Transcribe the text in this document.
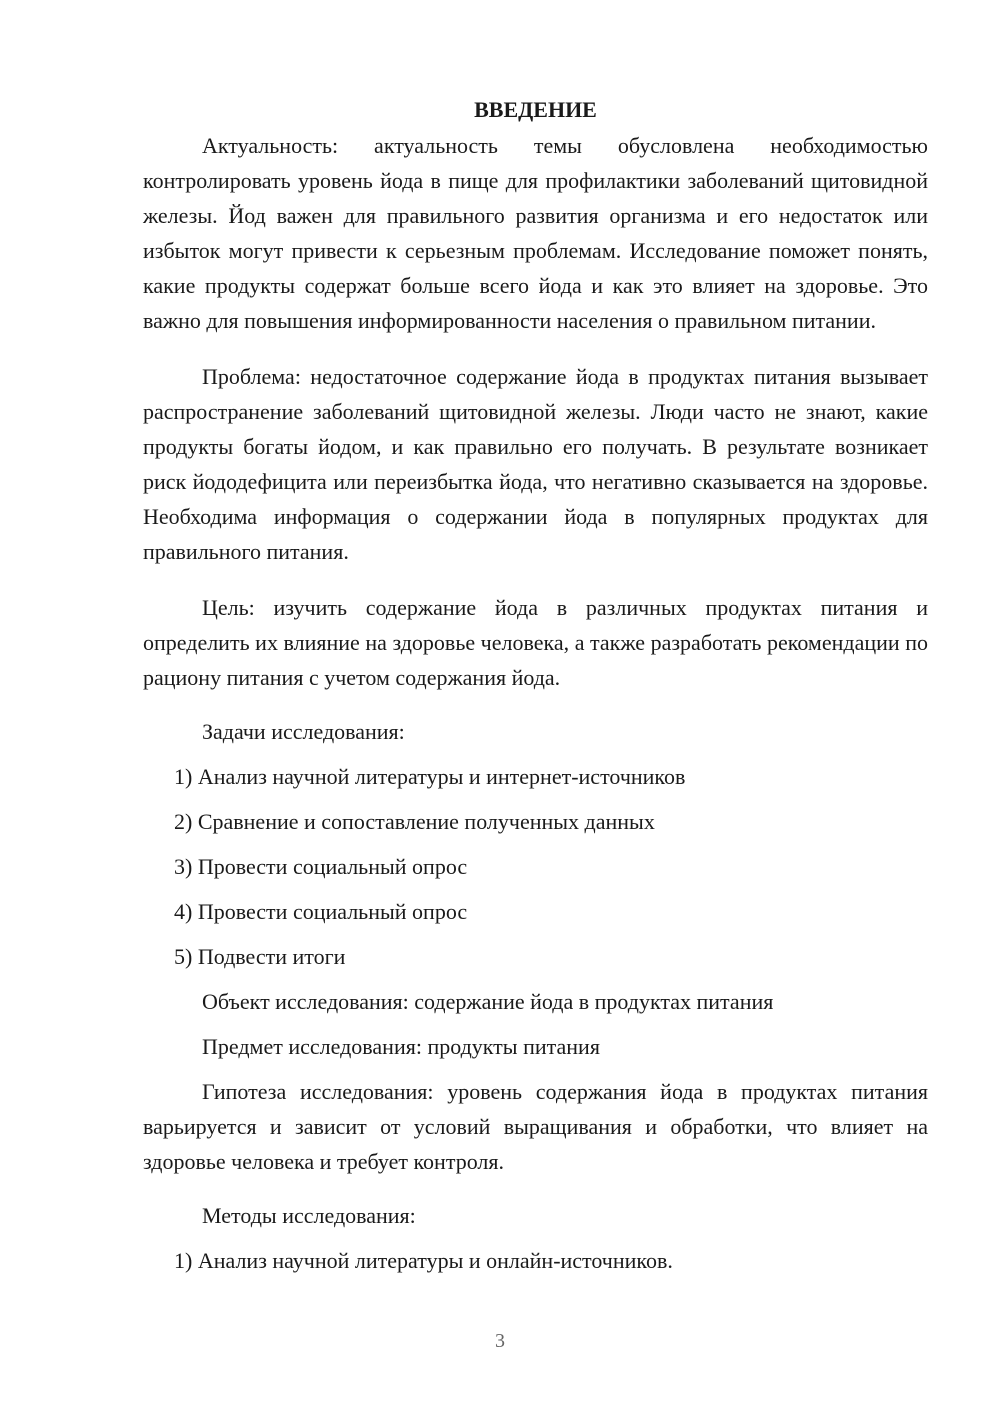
ВВЕДЕНИЕ

Актуальность: актуальность темы обусловлена необходимостью контролировать уровень йода в пище для профилактики заболеваний щитовидной железы. Йод важен для правильного развития организма и его недостаток или избыток могут привести к серьезным проблемам. Исследование поможет понять, какие продукты содержат больше всего йода и как это влияет на здоровье. Это важно для повышения информированности населения о правильном питании.

Проблема: недостаточное содержание йода в продуктах питания вызывает распространение заболеваний щитовидной железы. Люди часто не знают, какие продукты богаты йодом, и как правильно его получать. В результате возникает риск йододефицита или переизбытка йода, что негативно сказывается на здоровье. Необходима информация о содержании йода в популярных продуктах для правильного питания.

Цель: изучить содержание йода в различных продуктах питания и определить их влияние на здоровье человека, а также разработать рекомендации по рациону питания с учетом содержания йода.

Задачи исследования:
1) Анализ научной литературы и интернет-источников
2) Сравнение и сопоставление полученных данных
3) Провести социальный опрос
4) Провести социальный опрос
5) Подвести итоги
Объект исследования: содержание йода в продуктах питания
Предмет исследования: продукты питания

Гипотеза исследования: уровень содержания йода в продуктах питания варьируется и зависит от условий выращивания и обработки, что влияет на здоровье человека и требует контроля.

Методы исследования:
1) Анализ научной литературы и онлайн-источников.
3
